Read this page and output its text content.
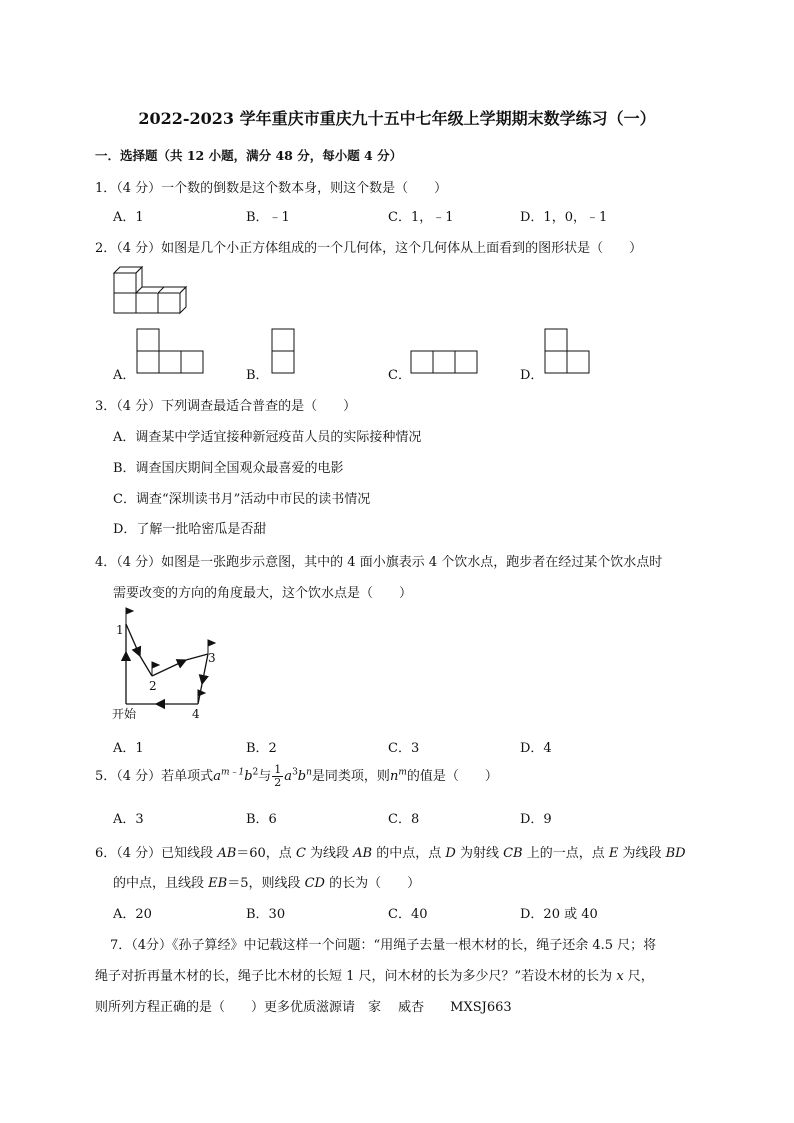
2022-2023 学年重庆市重庆九十五中七年级上学期期末数学练习（一）
一．选择题（共 12 小题，满分 48 分，每小题 4 分）
1．（4 分）一个数的倒数是这个数本身，则这个数是（　　）
A．1	B．﹣1	C．1，﹣1	D．1，0，﹣1
2．（4 分）如图是几个小正方体组成的一个几何体，这个几何体从上面看到的图形状是（　　）
A．	B．	C．	D．
3．（4 分）下列调查最适合普查的是（　　）
A．调查某中学适宜接种新冠疫苗人员的实际接种情况
B．调查国庆期间全国观众最喜爱的电影
C．调查“深圳读书月”活动中市民的读书情况
D．了解一批哈密瓜是否甜
4．（4 分）如图是一张跑步示意图，其中的 4 面小旗表示 4 个饮水点，跑步者在经过某个饮水点时
需要改变的方向的角度最大，这个饮水点是（　　）
1
2
3
4
开始
A．1	B．2	C．3	D．4
5．（4 分）若单项式$a^{m﹣1}b^2$与 $\frac{1}{2} a^3b^n$是同类项，则$n^m$的值是（　　）
A．3	B．6	C．8	D．9
6．（4 分）已知线段 AB＝60，点 C 为线段 AB 的中点，点 D 为射线 CB 上的一点，点 E 为线段 BD
的中点，且线段 EB＝5，则线段 CD 的长为（　　）
A．20	B．30	C．40	D．20 或 40
7．（4分）《孙子算经》中记载这样一个问题：“用绳子去量一根木材的长，绳子还余 4.5 尺；将
绳子对折再量木材的长，绳子比木材的长短 1 尺，问木材的长为多少尺？”若设木材的长为 x 尺，
则所列方程正确的是（　　）更多优质滋源请　家　 威杏　　MXSJ663
